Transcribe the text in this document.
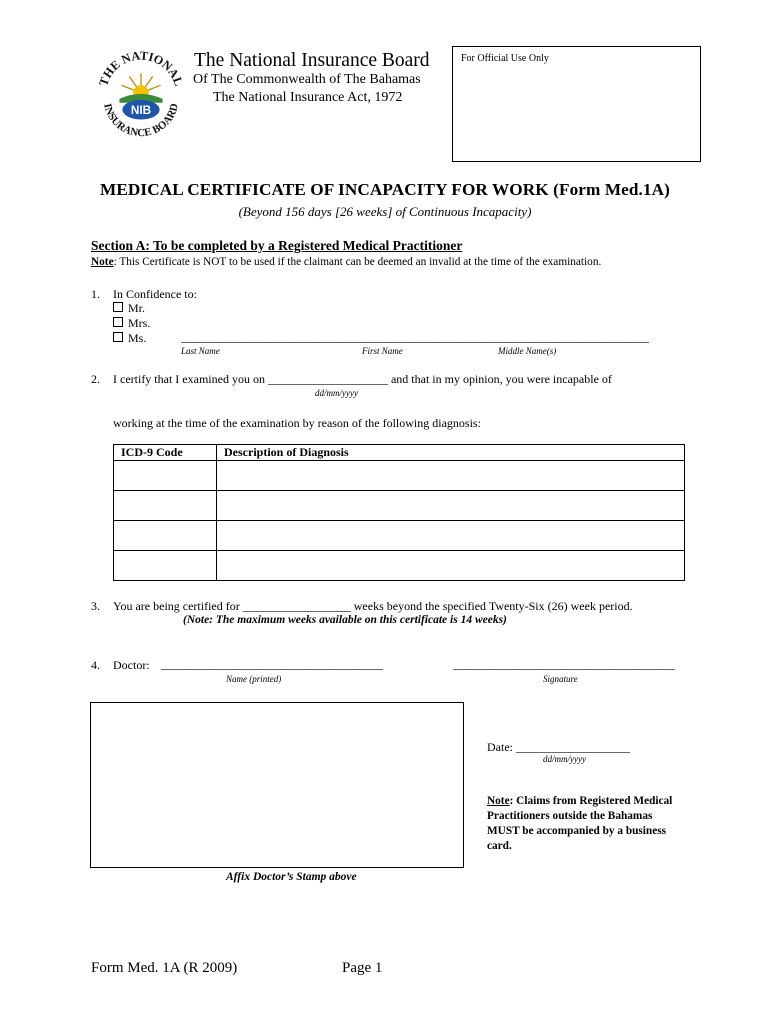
THE NATIONAL
INSURANCE BOARD
NIB
The National Insurance Board
Of The Commonwealth of The Bahamas
The National Insurance Act, 1972
For Official Use Only
MEDICAL CERTIFICATE OF INCAPACITY FOR WORK (Form Med.1A)
(Beyond 156 days [26 weeks] of Continuous Incapacity)
Section A: To be completed by a Registered Medical Practitioner
Note: This Certificate is NOT to be used if the claimant can be deemed an invalid at the time of the examination.
1. In Confidence to:
Mr.
Mrs.
Ms.	______________________________________________________________________________
Last Name	First Name	Middle Name(s)
2. I certify that I examined you on ____________________ and that in my opinion, you were incapable of
dd/mm/yyyy
working at the time of the examination by reason of the following diagnosis:
ICD-9 Code	Description of Diagnosis

3. You are being certified for __________________ weeks beyond the specified Twenty-Six (26) week period.
(Note: The maximum weeks available on this certificate is 14 weeks)
4. Doctor: _____________________________________	_____________________________________
Name (printed)	Signature
Affix Doctor’s Stamp above
Date: ___________________
dd/mm/yyyy
Note: Claims from Registered Medical Practitioners outside the Bahamas MUST be accompanied by a business card.
Form Med. 1A (R 2009)	Page 1
